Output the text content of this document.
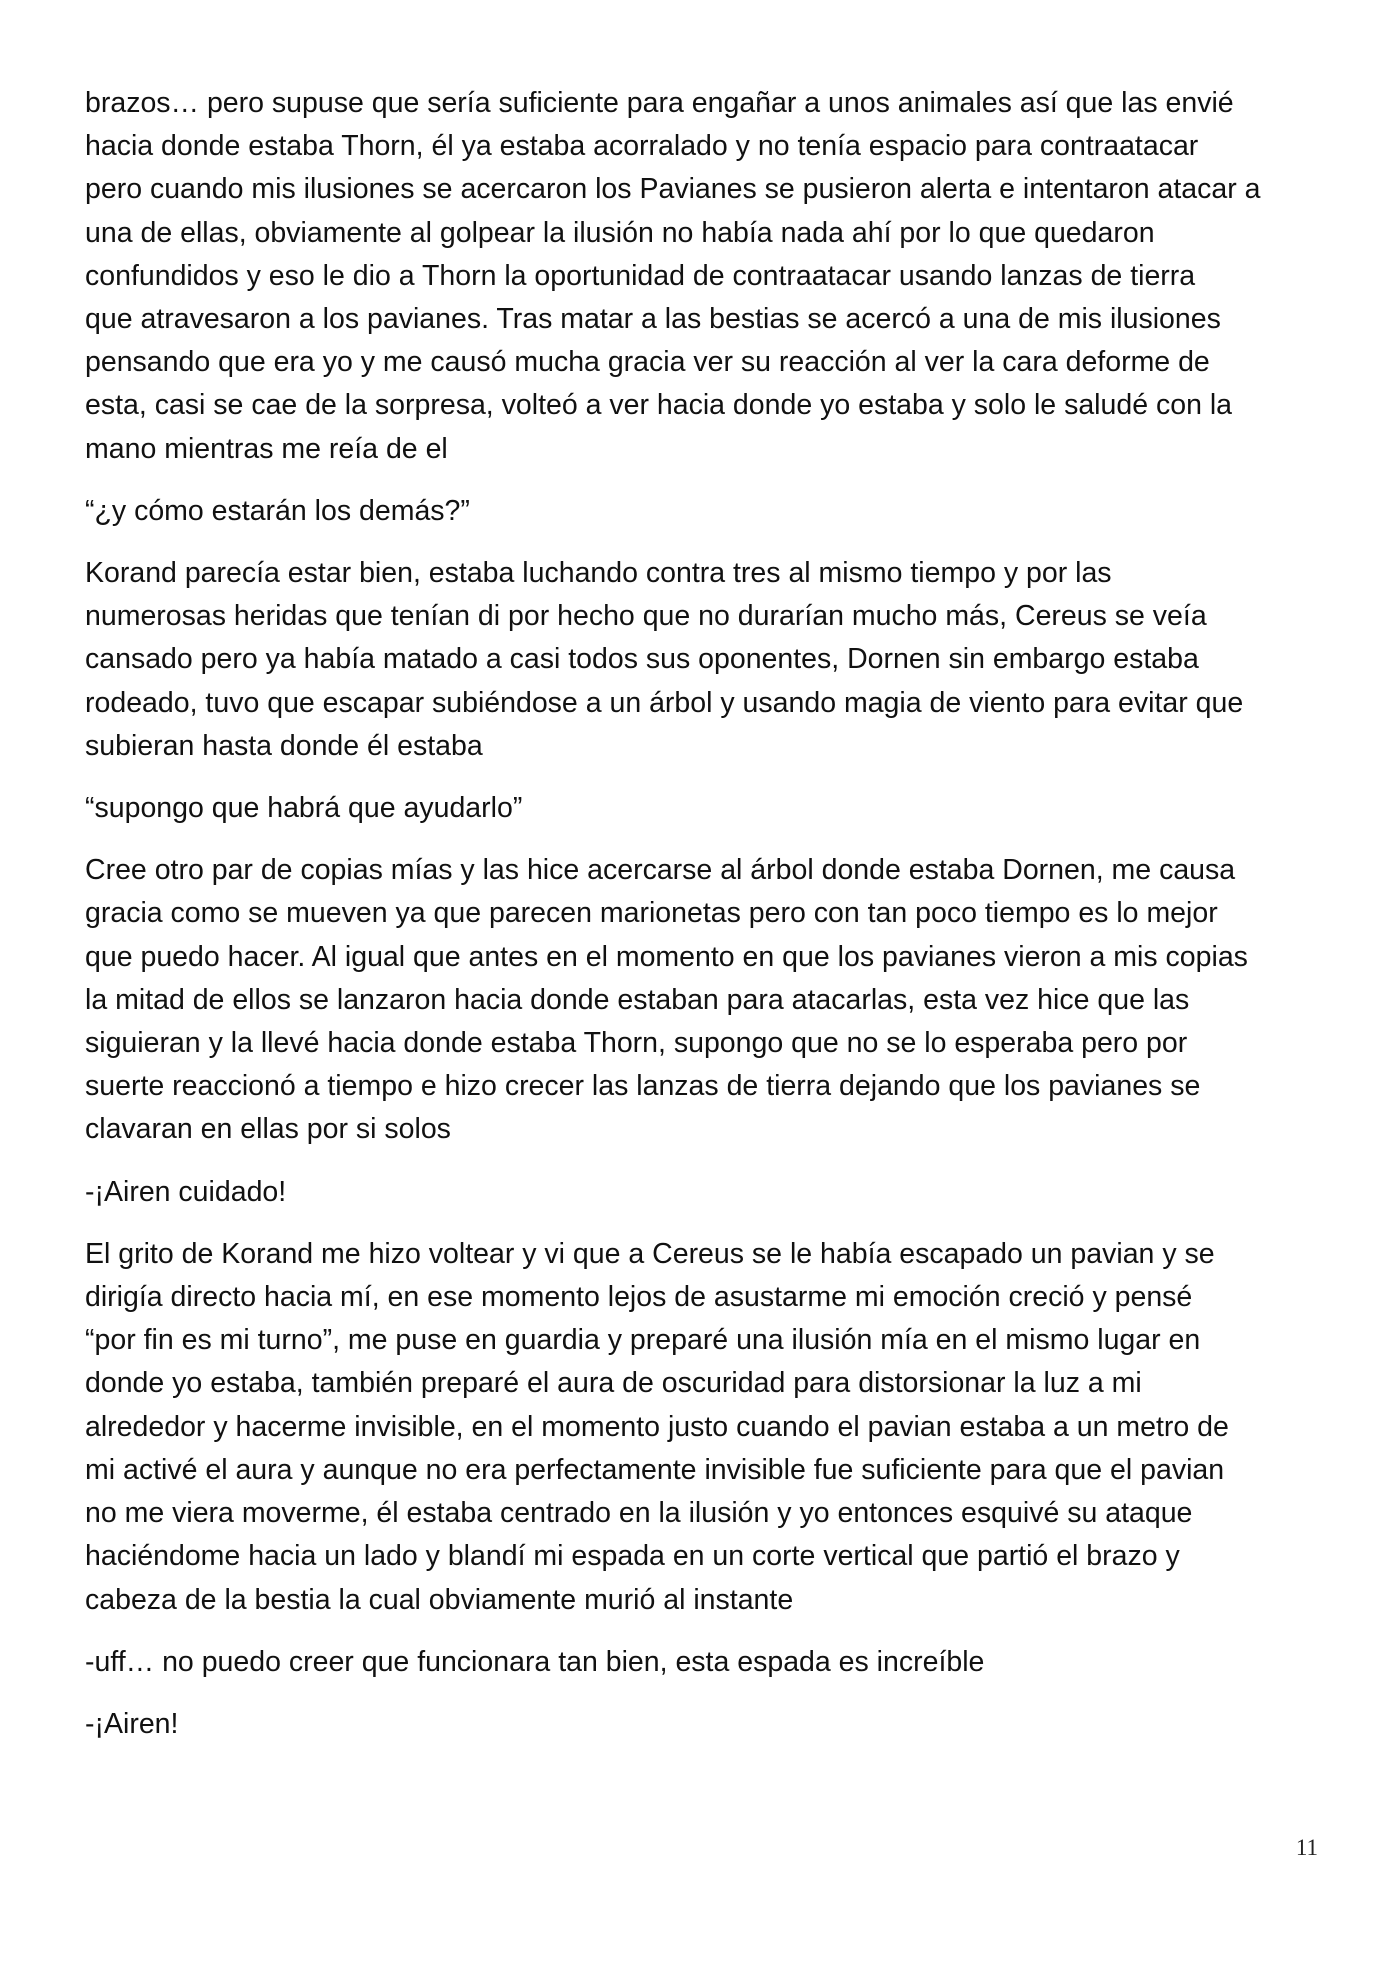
brazos… pero supuse que sería suficiente para engañar a unos animales así que las envié
hacia donde estaba Thorn, él ya estaba acorralado y no tenía espacio para contraatacar
pero cuando mis ilusiones se acercaron los Pavianes se pusieron alerta e intentaron atacar a
una de ellas, obviamente al golpear la ilusión no había nada ahí por lo que quedaron
confundidos y eso le dio a Thorn la oportunidad de contraatacar usando lanzas de tierra
que atravesaron a los pavianes. Tras matar a las bestias se acercó a una de mis ilusiones
pensando que era yo y me causó mucha gracia ver su reacción al ver la cara deforme de
esta, casi se cae de la sorpresa, volteó a ver hacia donde yo estaba y solo le saludé con la
mano mientras me reía de el

“¿y cómo estarán los demás?”

Korand parecía estar bien, estaba luchando contra tres al mismo tiempo y por las
numerosas heridas que tenían di por hecho que no durarían mucho más, Cereus se veía
cansado pero ya había matado a casi todos sus oponentes, Dornen sin embargo estaba
rodeado, tuvo que escapar subiéndose a un árbol y usando magia de viento para evitar que
subieran hasta donde él estaba

“supongo que habrá que ayudarlo”

Cree otro par de copias mías y las hice acercarse al árbol donde estaba Dornen, me causa
gracia como se mueven ya que parecen marionetas pero con tan poco tiempo es lo mejor
que puedo hacer. Al igual que antes en el momento en que los pavianes vieron a mis copias
la mitad de ellos se lanzaron hacia donde estaban para atacarlas, esta vez hice que las
siguieran y la llevé hacia donde estaba Thorn, supongo que no se lo esperaba pero por
suerte reaccionó a tiempo e hizo crecer las lanzas de tierra dejando que los pavianes se
clavaran en ellas por si solos

-¡Airen cuidado!

El grito de Korand me hizo voltear y vi que a Cereus se le había escapado un pavian y se
dirigía directo hacia mí, en ese momento lejos de asustarme mi emoción creció y pensé
“por fin es mi turno”, me puse en guardia y preparé una ilusión mía en el mismo lugar en
donde yo estaba, también preparé el aura de oscuridad para distorsionar la luz a mi
alrededor y hacerme invisible, en el momento justo cuando el pavian estaba a un metro de
mi activé el aura y aunque no era perfectamente invisible fue suficiente para que el pavian
no me viera moverme, él estaba centrado en la ilusión y yo entonces esquivé su ataque
haciéndome hacia un lado y blandí mi espada en un corte vertical que partió el brazo y
cabeza de la bestia la cual obviamente murió al instante

-uff… no puedo creer que funcionara tan bien, esta espada es increíble

-¡Airen!

11
